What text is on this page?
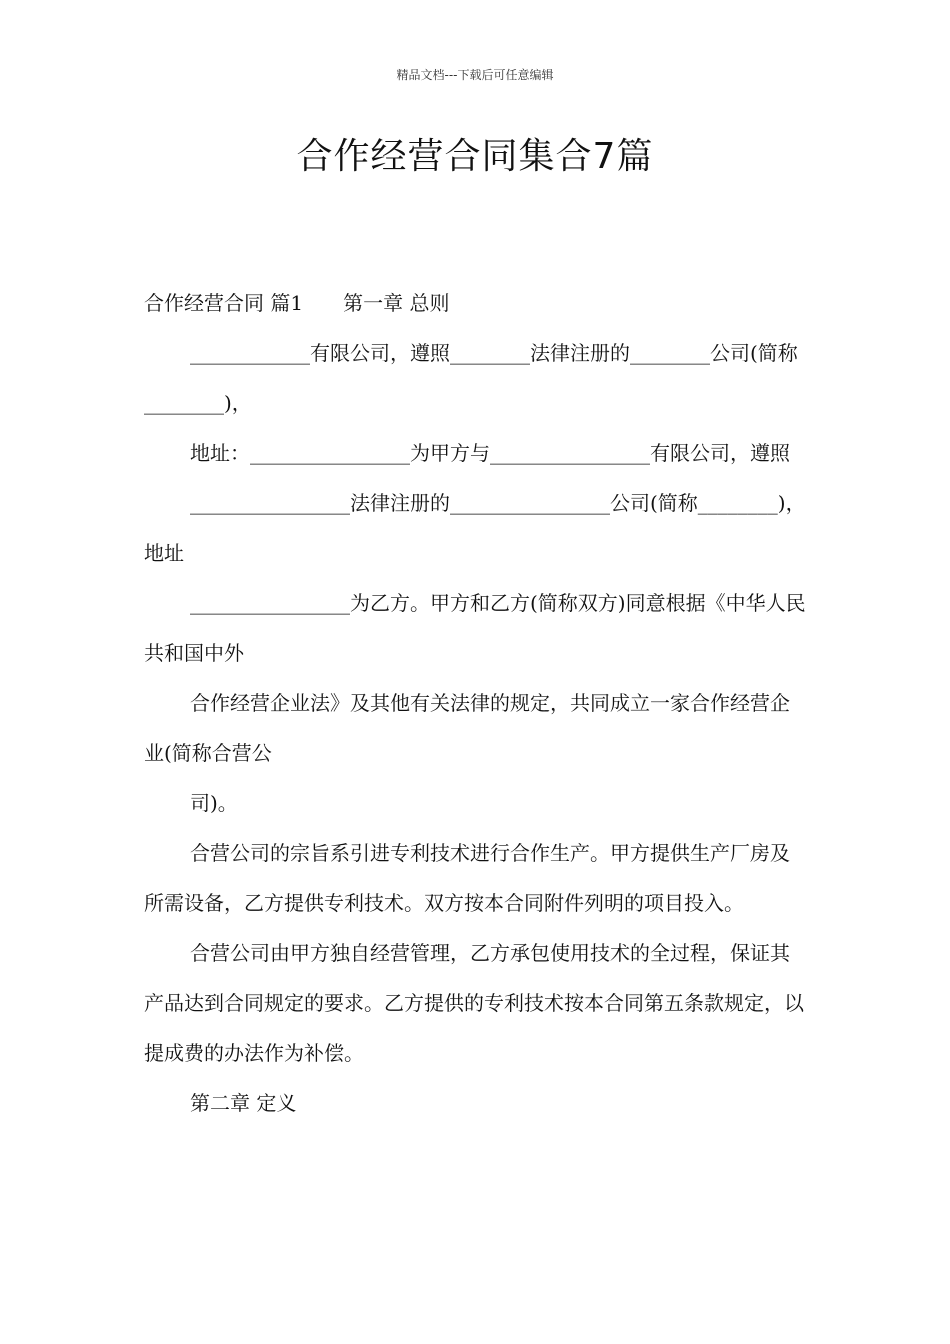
精品文档---下载后可任意编辑
合作经营合同集合7篇

合作经营合同 篇1 第一章 总则

____________有限公司，遵照________法律注册的________公司(简称________)，

地址：________________为甲方与________________有限公司，遵照

________________法律注册的________________公司(简称________)，地址

________________为乙方。甲方和乙方(简称双方)同意根据《中华人民共和国中外

合作经营企业法》及其他有关法律的规定，共同成立一家合作经营企业(简称合营公

司)。

合营公司的宗旨系引进专利技术进行合作生产。甲方提供生产厂房及所需设备，乙方提供专利技术。双方按本合同附件列明的项目投入。

合营公司由甲方独自经营管理，乙方承包使用技术的全过程，保证其产品达到合同规定的要求。乙方提供的专利技术按本合同第五条款规定，以提成费的办法作为补偿。

第二章 定义
